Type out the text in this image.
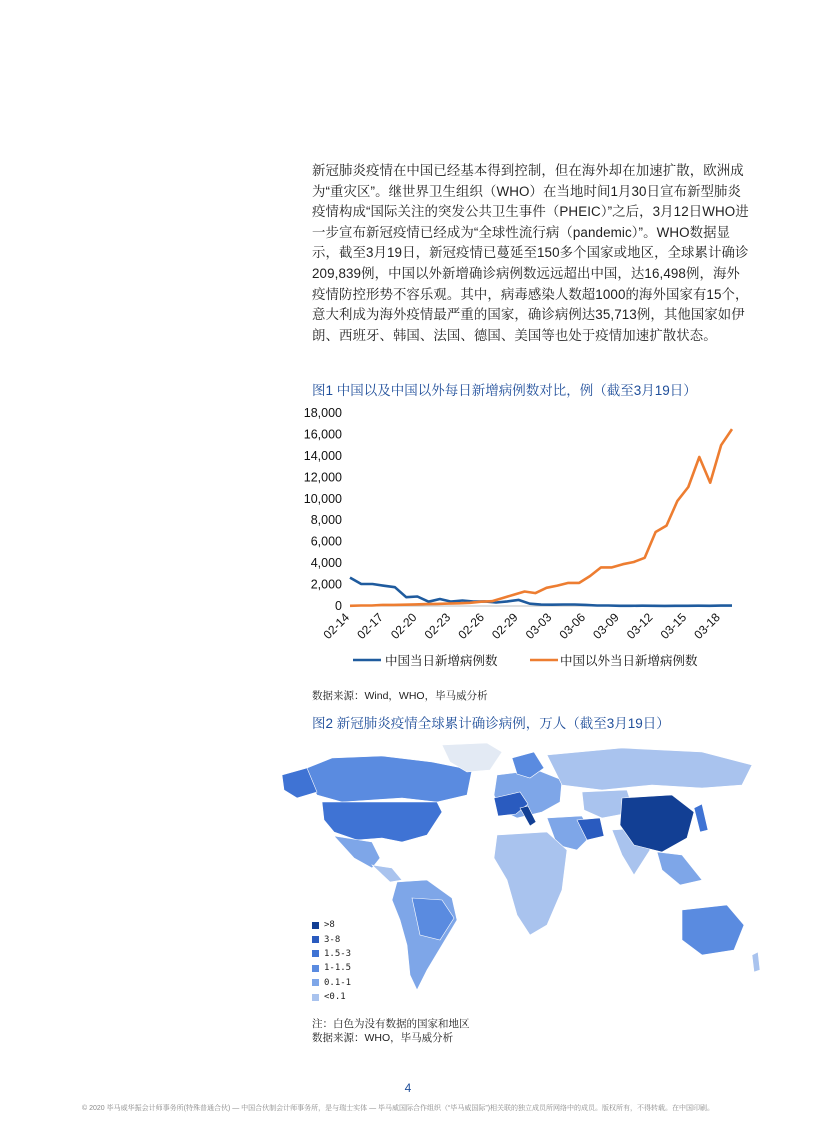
新冠肺炎疫情在中国已经基本得到控制，但在海外却在加速扩散，欧洲成为“重灾区”。继世界卫生组织（WHO）在当地时间1月30日宣布新型肺炎疫情构成“国际关注的突发公共卫生事件（PHEIC）”之后，3月12日WHO进一步宣布新冠疫情已经成为“全球性流行病（pandemic）”。WHO数据显示，截至3月19日，新冠疫情已蔓延至150多个国家或地区，全球累计确诊209,839例，中国以外新增确诊病例数远远超出中国，达16,498例，海外疫情防控形势不容乐观。其中，病毒感染人数超1000的海外国家有15个，意大利成为海外疫情最严重的国家，确诊病例达35,713例，其他国家如伊朗、西班牙、韩国、法国、德国、美国等也处于疫情加速扩散状态。

图1 中国以及中国以外每日新增病例数对比，例（截至3月19日）

0
2,000
4,000
6,000
8,000
10,000
12,000
14,000
16,000
18,000
02-14 02-17 02-20 02-23 02-26 02-29 03-03 03-06 03-09 03-12 03-15 03-18
中国当日新增病例数	中国以外当日新增病例数
数据来源：Wind，WHO，毕马威分析

图2 新冠肺炎疫情全球累计确诊病例，万人（截至3月19日）

>8
3-8
1.5-3
1-1.5
0.1-1
<0.1
注：白色为没有数据的国家和地区
数据来源：WHO，毕马威分析
4
© 2020 毕马威华振会计师事务所(特殊普通合伙) — 中国合伙制会计师事务所，是与瑞士实体 — 毕马威国际合作组织（“毕马威国际”)相关联的独立成员所网络中的成员。版权所有，不得转载。在中国印刷。
